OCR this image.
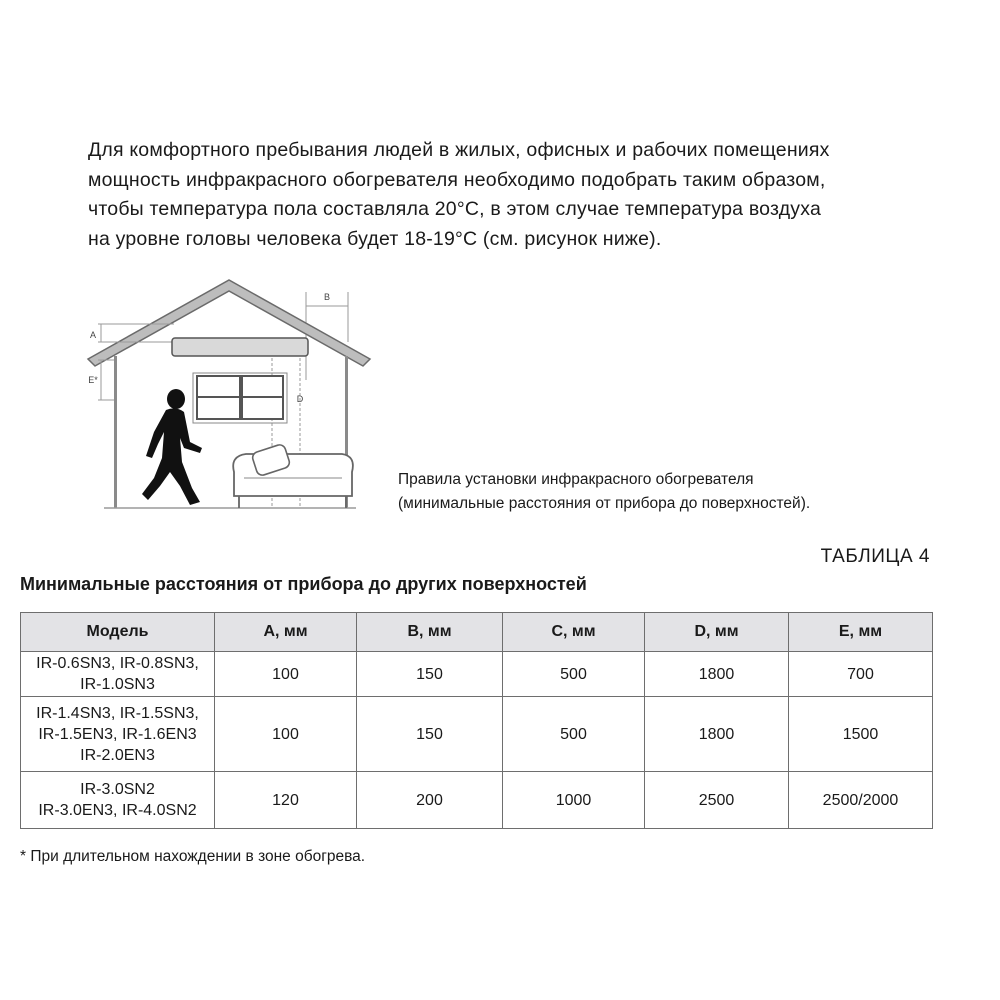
Для комфортного пребывания людей в жилых, офисных и рабочих помещениях
мощность инфракрасного обогревателя необходимо подобрать таким образом,
чтобы температура пола составляла 20°C, в этом случае температура воздуха
на уровне головы человека будет 18-19°C (см. рисунок ниже).
B
A
E*
D
Правила установки инфракрасного обогревателя
(минимальные расстояния от прибора до поверхностей).
ТАБЛИЦА 4
Минимальные расстояния от прибора до других поверхностей
Модель	A, мм	B, мм	C, мм	D, мм	E, мм

IR-0.6SN3, IR-0.8SN3,
IR-1.0SN3	100	150	500	1800	700

IR-1.4SN3, IR-1.5SN3,
IR-1.5EN3, IR-1.6EN3
IR-2.0EN3	100	150	500	1800	1500

IR-3.0SN2
IR-3.0EN3, IR-4.0SN2	120	200	1000	2500	2500/2000
* При длительном нахождении в зоне обогрева.
